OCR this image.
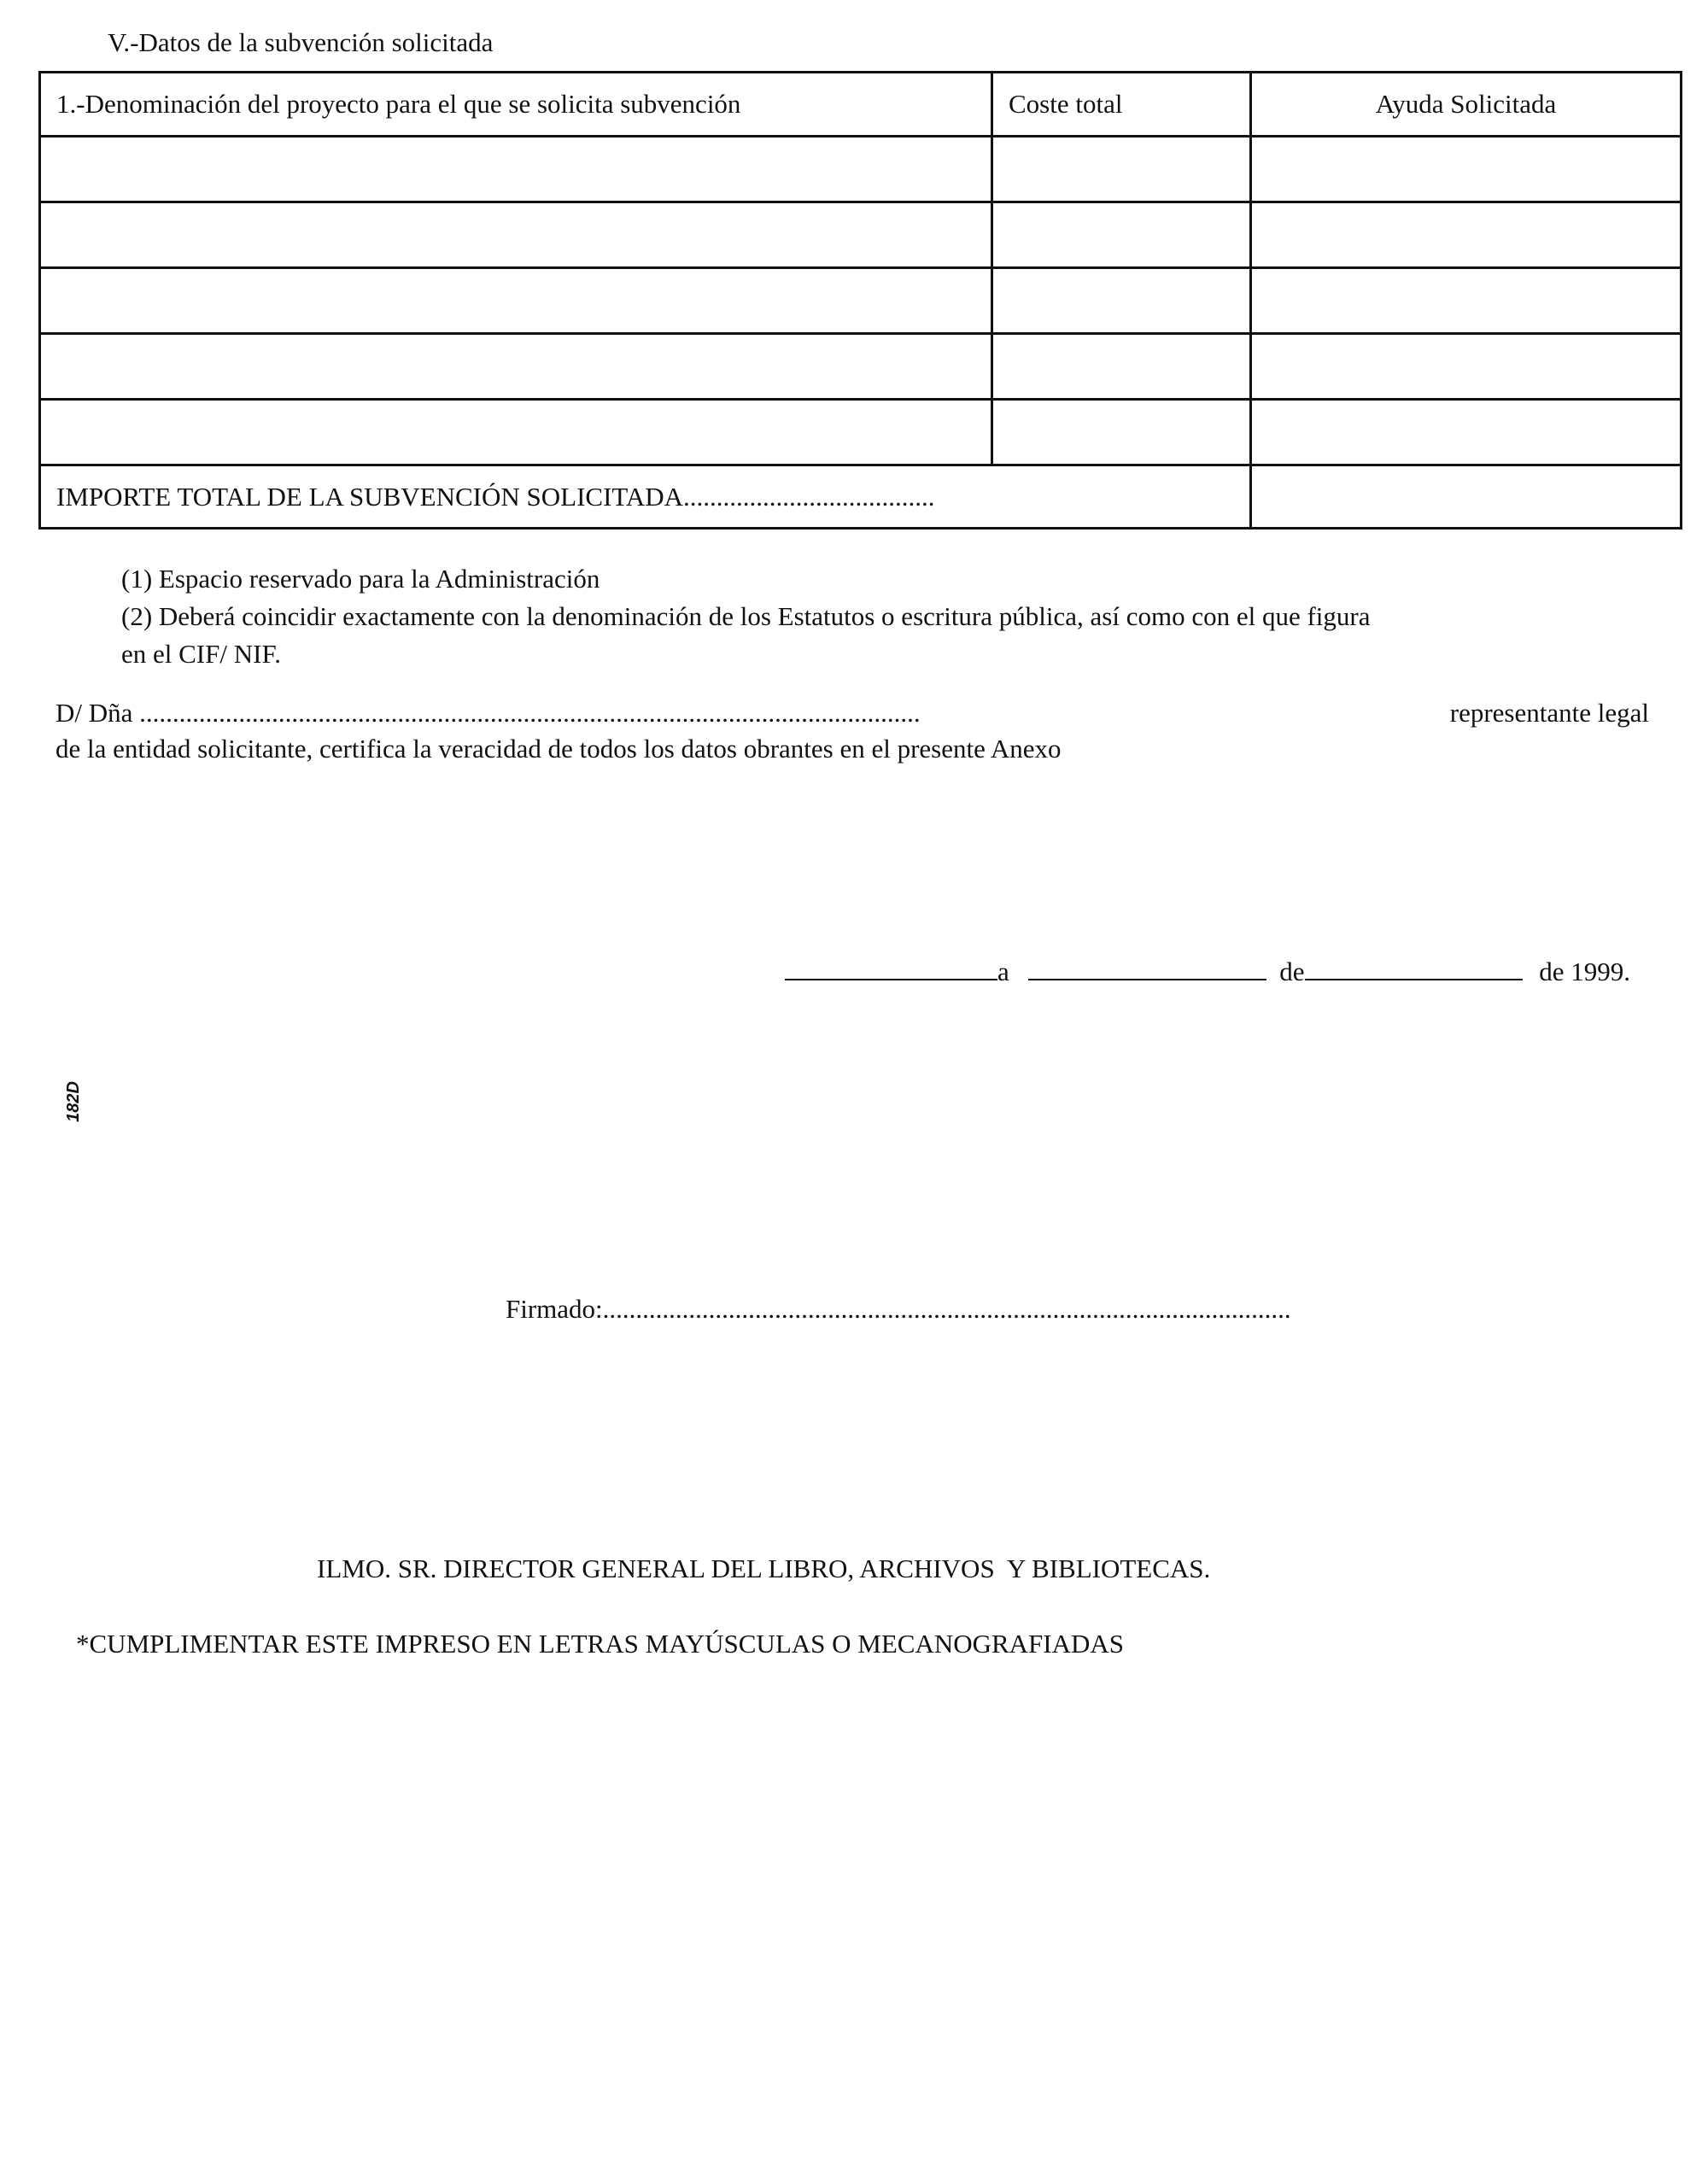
V.-Datos de la subvención solicitada
1.-Denominación del proyecto para el que se solicita subvención	Coste total	Ayuda Solicitada

IMPORTE TOTAL DE LA SUBVENCIÓN SOLICITADA......................................		
(1) Espacio reservado para la Administración
(2) Deberá coincidir exactamente con la denominación de los Estatutos o escritura pública, así como con el que figura
en el CIF/ NIF.
D/ Dña ......................................................................................................................	representante legal
de la entidad solicitante, certifica la veracidad de todos los datos obrantes en el presente Anexo
a	de	de 1999.
182D
Firmado:........................................................................................................
ILMO. SR. DIRECTOR GENERAL DEL LIBRO, ARCHIVOS  Y BIBLIOTECAS.
*CUMPLIMENTAR ESTE IMPRESO EN LETRAS MAYÚSCULAS O MECANOGRAFIADAS
